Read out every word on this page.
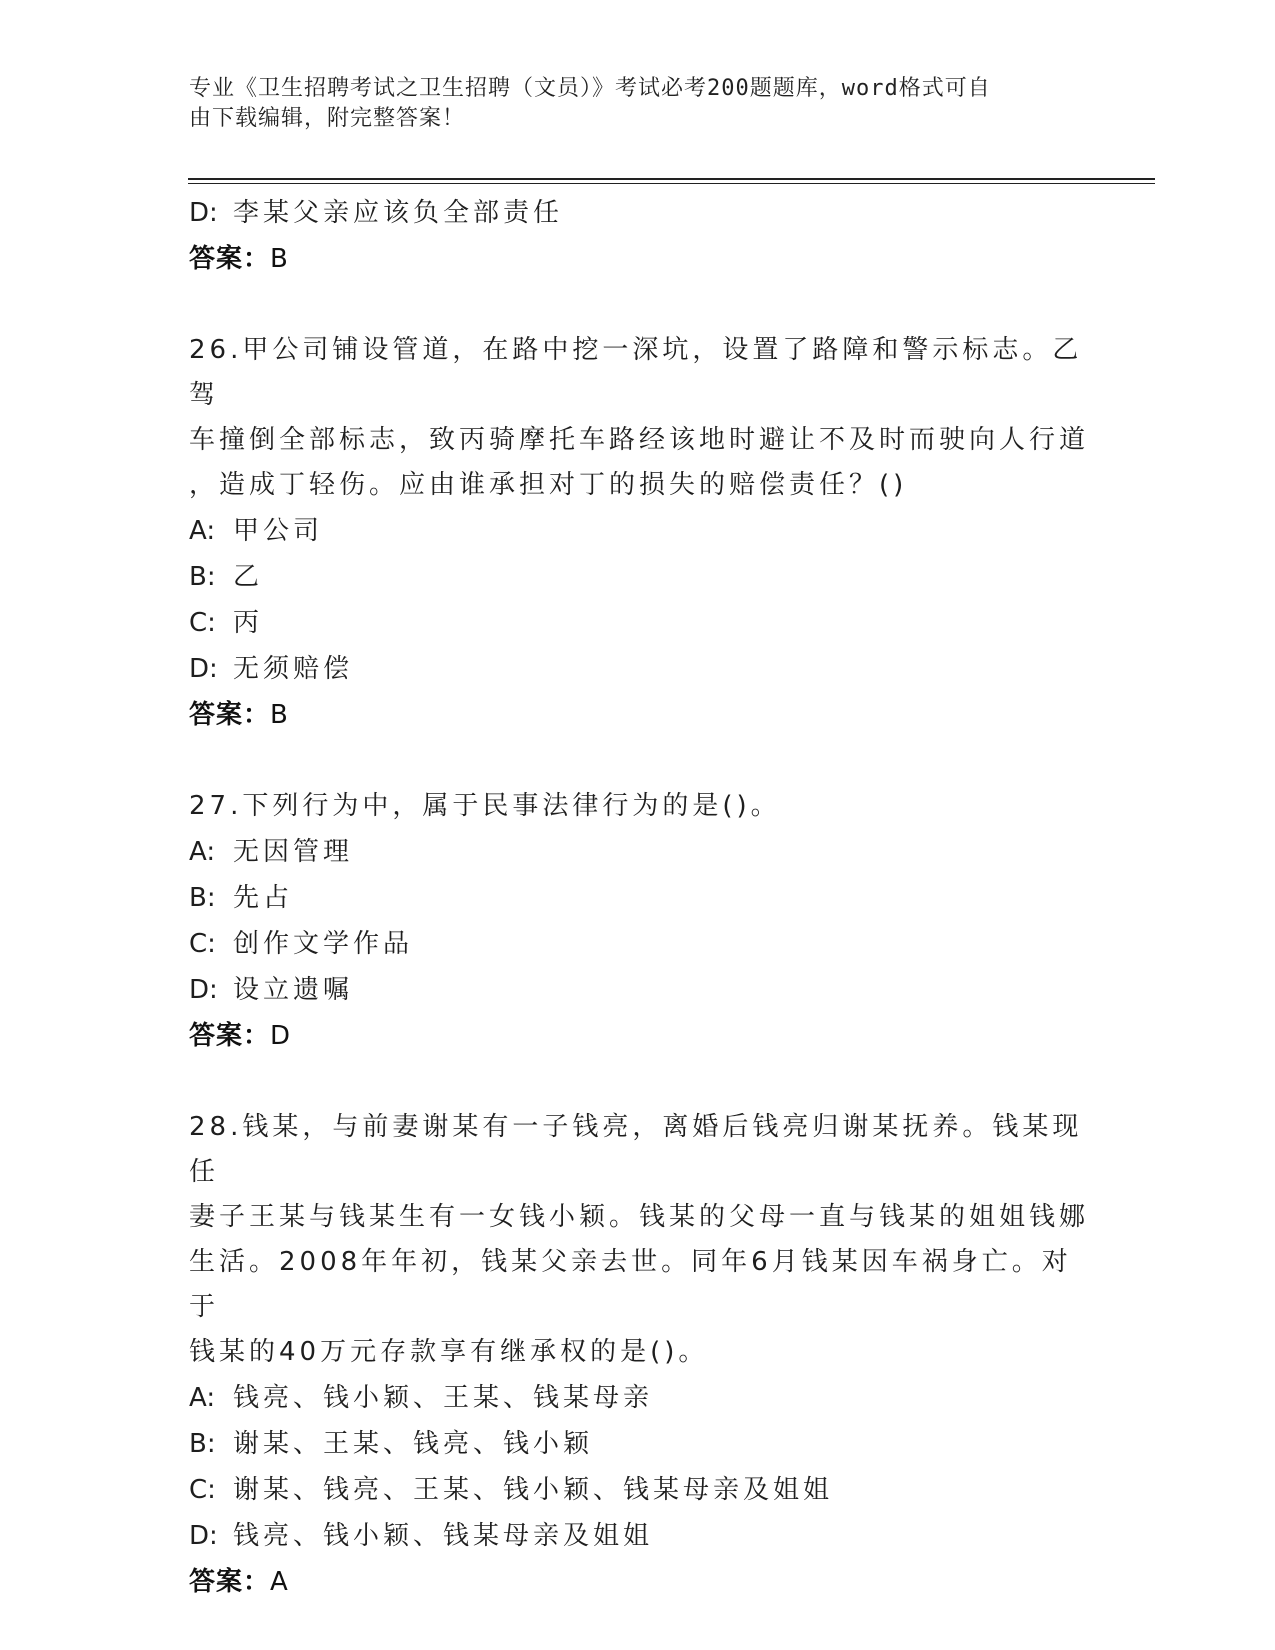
专业《卫生招聘考试之卫生招聘（文员）》考试必考200题题库，word格式可自
由下载编辑，附完整答案！
D: 李某父亲应该负全部责任
答案：B
26.甲公司铺设管道，在路中挖一深坑，设置了路障和警示标志。乙驾
车撞倒全部标志，致丙骑摩托车路经该地时避让不及时而驶向人行道
，造成丁轻伤。应由谁承担对丁的损失的赔偿责任？()
A: 甲公司
B: 乙
C: 丙
D: 无须赔偿
答案：B
27.下列行为中，属于民事法律行为的是()。
A: 无因管理
B: 先占
C: 创作文学作品
D: 设立遗嘱
答案：D
28.钱某，与前妻谢某有一子钱亮，离婚后钱亮归谢某抚养。钱某现任
妻子王某与钱某生有一女钱小颖。钱某的父母一直与钱某的姐姐钱娜
生活。2008年年初，钱某父亲去世。同年6月钱某因车祸身亡。对于
钱某的40万元存款享有继承权的是()。
A: 钱亮、钱小颖、王某、钱某母亲
B: 谢某、王某、钱亮、钱小颖
C: 谢某、钱亮、王某、钱小颖、钱某母亲及姐姐
D: 钱亮、钱小颖、钱某母亲及姐姐
答案：A
